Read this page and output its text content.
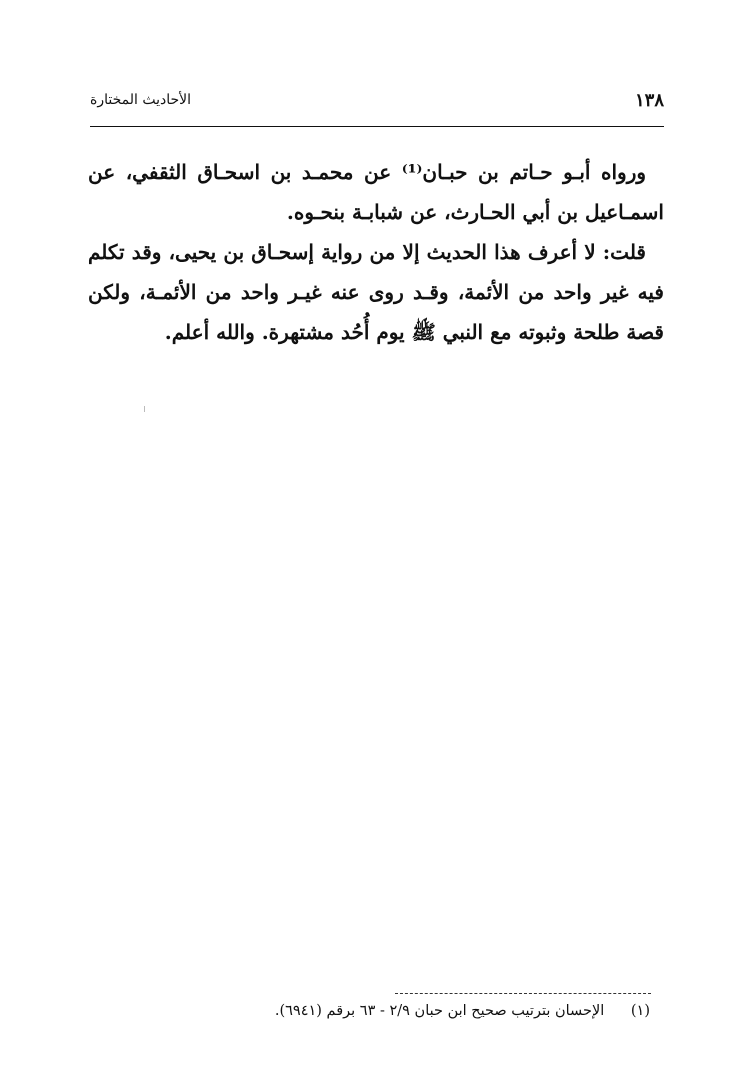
الأحاديث المختارة	١٣٨

ورواه أبـو حـاتم بن حبـان⁽¹⁾ عن محمـد بن اسحـاق الثقفي، عن اسمـاعيل بن أبي الحـارث، عن شبابـة بنحـوه.

قلت: لا أعرف هذا الحديث إلا من رواية إسحـاق بن يحيى، وقد تكلم فيه غير واحد من الأئمة، وقـد روى عنه غيـر واحد من الأئمـة، ولكن قصة طلحة وثبوته مع النبي ﷺ يوم أُحُد مشتهرة. والله أعلم.

(١) الإحسان بترتيب صحيح ابن حبان ٢/٩ - ٦٣ برقم (٦٩٤١).
